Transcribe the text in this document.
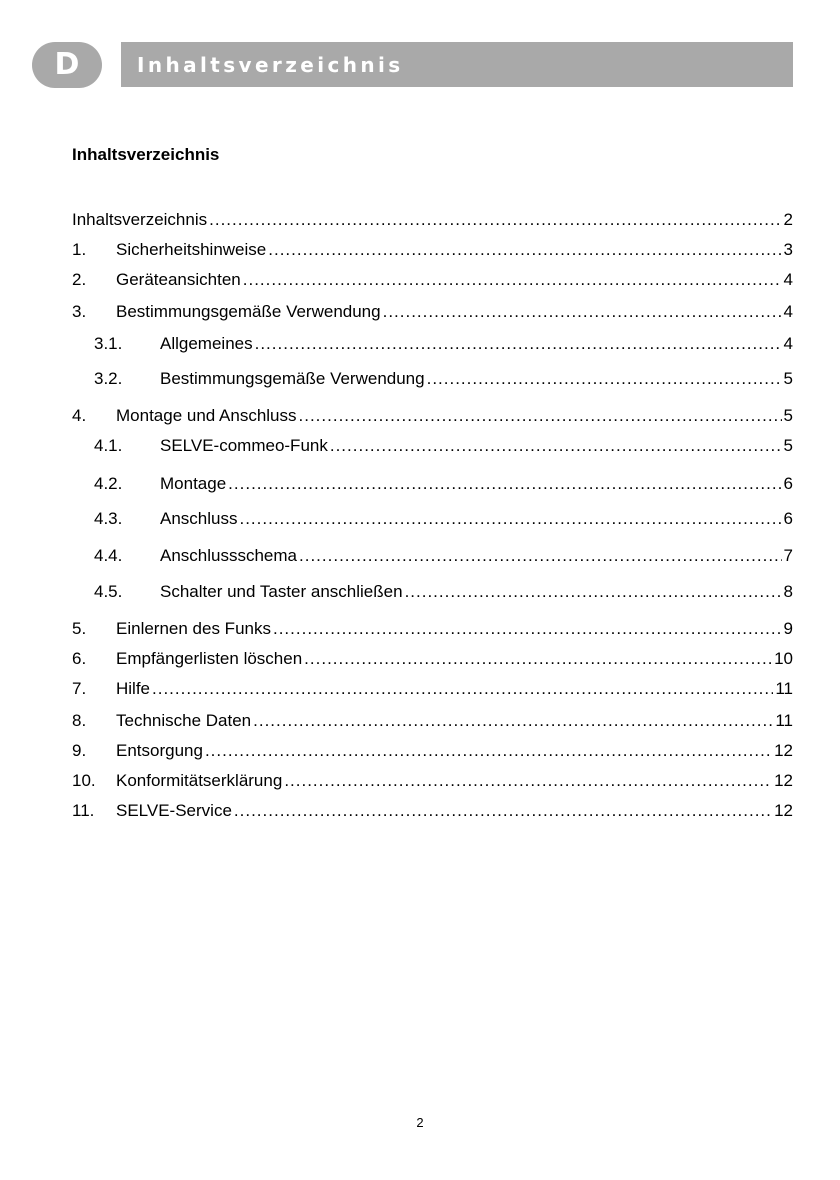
D	Inhaltsverzeichnis
Inhaltsverzeichnis
Inhaltsverzeichnis .....	2
1.	Sicherheitshinweise .....	3
2.	Geräteansichten .....	4
3.	Bestimmungsgemäße Verwendung .....	4
3.1.	Allgemeines .....	4
3.2.	Bestimmungsgemäße Verwendung .....	5
4.	Montage und Anschluss .....	5
4.1.	SELVE-commeo-Funk .....	5
4.2.	Montage .....	6
4.3.	Anschluss .....	6
4.4.	Anschlussschema .....	7
4.5.	Schalter und Taster anschließen .....	8
5.	Einlernen des Funks .....	9
6.	Empfängerlisten löschen .....	10
7.	Hilfe .....	11
8.	Technische Daten .....	11
9.	Entsorgung .....	12
10.	Konformitätserklärung .....	12
11.	SELVE-Service .....	12
2
